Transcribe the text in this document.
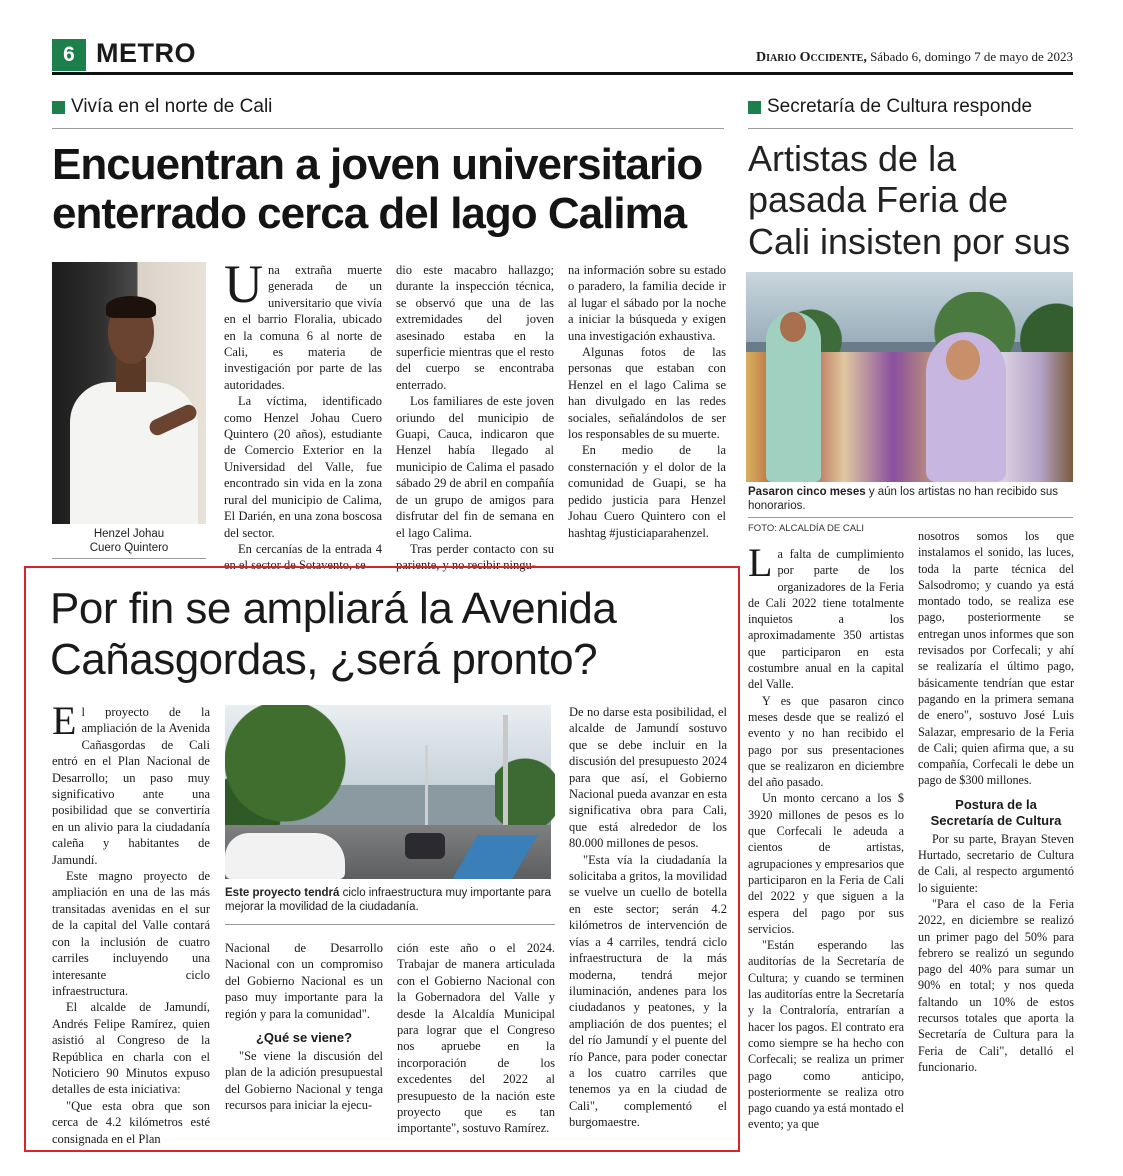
6 METRO	Diario Occidente, Sábado 6, domingo 7 de mayo de 2023
Vivía en el norte de Cali
Encuentran a joven universitario enterrado cerca del lago Calima
Henzel Johau
Cuero Quintero

Una extraña muerte generada de un universitario que vivía en el barrio Floralia, ubicado en la comuna 6 al norte de Cali, es materia de investigación por parte de las autoridades.

La víctima, identificado como Henzel Johau Cuero Quintero (20 años), estudiante de Comercio Exterior en la Universidad del Valle, fue encontrado sin vida en la zona rural del municipio de Calima, El Darién, en una zona boscosa del sector.

En cercanías de la entrada 4 en el sector de Sotavento, se

dio este macabro hallazgo; durante la inspección técnica, se observó que una de las extremidades del joven asesinado estaba en la superficie mientras que el resto del cuerpo se encontraba enterrado.

Los familiares de este joven oriundo del municipio de Guapi, Cauca, indicaron que Henzel había llegado al municipio de Calima el pasado sábado 29 de abril en compañía de un grupo de amigos para disfrutar del fin de semana en el lago Calima.

Tras perder contacto con su pariente, y no recibir ningu-

na información sobre su estado o paradero, la familia decide ir al lugar el sábado por la noche a iniciar la búsqueda y exigen una investigación exhaustiva.

Algunas fotos de las personas que estaban con Henzel en el lago Calima se han divulgado en las redes sociales, señalándolos de ser los responsables de su muerte.

En medio de la consternación y el dolor de la comunidad de Guapi, se ha pedido justicia para Henzel Johau Cuero Quintero con el hashtag #justiciaparahenzel.

Secretaría de Cultura responde
Artistas de la pasada Feria de Cali insisten por sus
Pasaron cinco meses y aún los artistas no han recibido sus honorarios.
FOTO: ALCALDÍA DE CALI

La falta de cumplimiento por parte de los organizadores de la Feria de Cali 2022 tiene totalmente inquietos a los aproximadamente 350 artistas que participaron en esta costumbre anual en la capital del Valle.

Y es que pasaron cinco meses desde que se realizó el evento y no han recibido el pago por sus presentaciones que se realizaron en diciembre del año pasado.

Un monto cercano a los $ 3920 millones de pesos es lo que Corfecali le adeuda a cientos de artistas, agrupaciones y empresarios que participaron en la Feria de Cali del 2022 y que siguen a la espera del pago por sus servicios.

"Están esperando las auditorías de la Secretaría de Cultura; y cuando se terminen las auditorías entre la Secretaría y la Contraloría, entrarían a hacer los pagos. El contrato era como siempre se ha hecho con Corfecali; se realiza un primer pago como anticipo, posteriormente se realiza otro pago cuando ya está montado el evento; ya que

nosotros somos los que instalamos el sonido, las luces, toda la parte técnica del Salsodromo; y cuando ya está montado todo, se realiza ese pago, posteriormente se entregan unos informes que son revisados por Corfecali; y ahí se realizaría el último pago, básicamente tendrían que estar pagando en la primera semana de enero", sostuvo José Luis Salazar, empresario de la Feria de Cali; quien afirma que, a su compañía, Corfecali le debe un pago de $300 millones.

Postura de la
Secretaría de Cultura

Por su parte, Brayan Steven Hurtado, secretario de Cultura de Cali, al respecto argumentó lo siguiente:

"Para el caso de la Feria 2022, en diciembre se realizó un primer pago del 50% para febrero se realizó un segundo pago del 40% para sumar un 90% en total; y nos queda faltando un 10% de estos recursos totales que aporta la Secretaría de Cultura para la Feria de Cali", detalló el funcionario.

Por fin se ampliará la Avenida Cañasgordas, ¿será pronto?

El proyecto de la ampliación de la Avenida Cañasgordas de Cali entró en el Plan Nacional de Desarrollo; un paso muy significativo ante una posibilidad que se convertiría en un alivio para la ciudadanía caleña y habitantes de Jamundí.

Este magno proyecto de ampliación en una de las más transitadas avenidas en el sur de la capital del Valle contará con la inclusión de cuatro carriles incluyendo una interesante ciclo infraestructura.

El alcalde de Jamundí, Andrés Felipe Ramírez, quien asistió al Congreso de la República en charla con el Noticiero 90 Minutos expuso detalles de esta iniciativa:

"Que esta obra que son cerca de 4.2 kilómetros esté consignada en el Plan

Este proyecto tendrá ciclo infraestructura muy importante para mejorar la movilidad de la ciudadanía.

Nacional de Desarrollo Nacional con un compromiso del Gobierno Nacional es un paso muy importante para la región y para la comunidad".

¿Qué se viene?

"Se viene la discusión del plan de la adición presupuestal del Gobierno Nacional y tenga recursos para iniciar la ejecu-

ción este año o el 2024. Trabajar de manera articulada con el Gobierno Nacional con la Gobernadora del Valle y desde la Alcaldía Municipal para lograr que el Congreso nos apruebe en la incorporación de los excedentes del 2022 al presupuesto de la nación este proyecto que es tan importante", sostuvo Ramírez.

De no darse esta posibilidad, el alcalde de Jamundí sostuvo que se debe incluir en la discusión del presupuesto 2024 para que así, el Gobierno Nacional pueda avanzar en esta significativa obra para Cali, que está alrededor de los 80.000 millones de pesos.

"Esta vía la ciudadanía la solicitaba a gritos, la movilidad se vuelve un cuello de botella en este sector; serán 4.2 kilómetros de intervención de vías a 4 carriles, tendrá ciclo infraestructura de la más moderna, tendrá mejor iluminación, andenes para los ciudadanos y peatones, y la ampliación de dos puentes; el del río Jamundí y el puente del río Pance, para poder conectar a los cuatro carriles que tenemos ya en la ciudad de Cali", complementó el burgomaestre.
